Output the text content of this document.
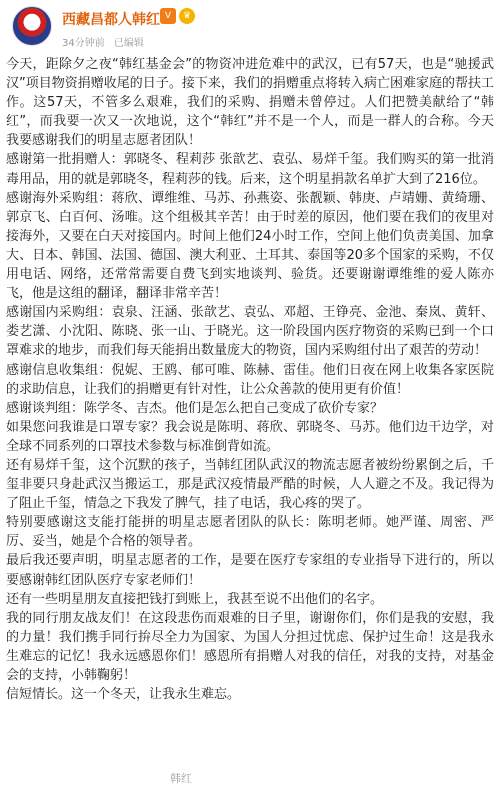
西藏昌都人韩红 V	♛
34分钟前 已编辑

今天，距除夕之夜“韩红基金会”的物资冲进危难中的武汉，已有57天，也是“驰援武汉”项目物资捐赠收尾的日子。接下来，我们的捐赠重点将转入病亡困难家庭的帮扶工作。这57天，不管多么艰难，我们的采购、捐赠未曾停过。人们把赞美献给了“韩红”，而我要一次又一次地说，这个“韩红”并不是一个人，而是一群人的合称。今天我要感谢我们的明星志愿者团队！

感谢第一批捐赠人：郭晓冬、程莉莎 张歆艺、袁弘、易烊千玺。我们购买的第一批消毒用品，用的就是郭晓冬，程莉莎的钱。后来，这个明星捐款名单扩大到了216位。

感谢海外采购组：蒋欣、谭维维、马苏、孙燕姿、张靓颖、韩庚、卢靖姗、黄绮珊、郭京飞、白百何、汤唯。这个组极其辛苦！由于时差的原因，他们要在我们的夜里对接海外，又要在白天对接国内。时间上他们24小时工作，空间上他们负责美国、加拿大、日本、韩国、法国、德国、澳大利亚、土耳其、泰国等20多个国家的采购，不仅用电话、网络，还常常需要自费飞到实地谈判、验货。还要谢谢谭维维的爱人陈亦飞，他是这组的翻译，翻译非常辛苦！

感谢国内采购组：袁泉、汪涵、张歆艺、袁弘、邓超、王铮亮、金池、秦岚、黄轩、娄艺潇、小沈阳、陈晓、张一山、于晓光。这一阶段国内医疗物资的采购已到一个口罩难求的地步，而我们每天能捐出数量庞大的物资，国内采购组付出了艰苦的劳动！

感谢信息收集组：倪妮、王鸥、郁可唯、陈赫、雷佳。他们日夜在网上收集各家医院的求助信息，让我们的捐赠更有针对性，让公众善款的使用更有价值！

感谢谈判组：陈学冬、吉杰。他们是怎么把自己变成了砍价专家？

如果您问我谁是口罩专家？我会说是陈明、蒋欣、郭晓冬、马苏。他们边干边学，对全球不同系列的口罩技术参数与标准倒背如流。

还有易烊千玺，这个沉默的孩子，当韩红团队武汉的物流志愿者被纷纷累倒之后，千玺非要只身赴武汉当搬运工，那是武汉疫情最严酷的时候，人人避之不及。我记得为了阻止千玺，情急之下我发了脾气，挂了电话，我心疼的哭了。

特别要感谢这支能打能拼的明星志愿者团队的队长：陈明老师。她严谨、周密、严厉、妥当，她是个合格的领导者。

最后我还要声明，明星志愿者的工作，是要在医疗专家组的专业指导下进行的，所以要感谢韩红团队医疗专家老师们！

还有一些明星朋友直接把钱打到账上，我甚至说不出他们的名字。

我的同行朋友战友们！在这段悲伤而艰难的日子里，谢谢你们，你们是我的安慰，我的力量！我们携手同行拚尽全力为国家、为国人分担过忧虑、保护过生命！这是我永生难忘的记忆！我永远感恩你们！感恩所有捐赠人对我的信任，对我的支持，对基金会的支持，小韩鞠躬！

信短情长。这一个冬天，让我永生难忘。

韩红
